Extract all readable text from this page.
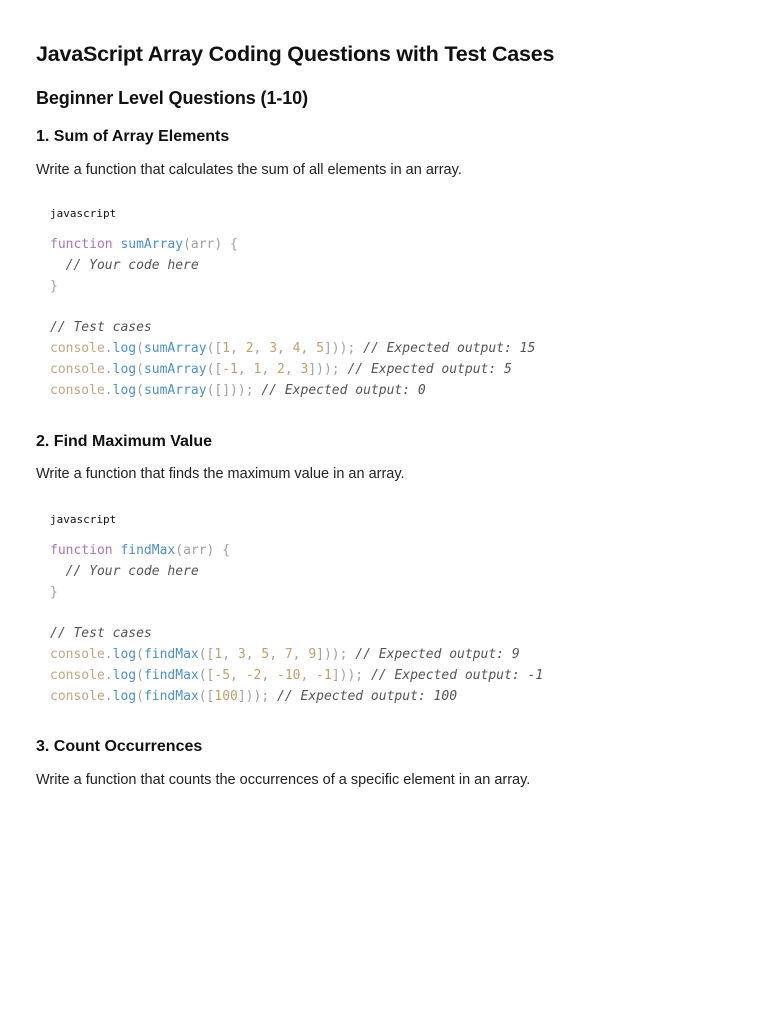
JavaScript Array Coding Questions with Test Cases
Beginner Level Questions (1-10)
1. Sum of Array Elements

Write a function that calculates the sum of all elements in an array.

javascript
function sumArray(arr) {
// Your code here
}
// Test cases
console.log(sumArray([1, 2, 3, 4, 5])); // Expected output: 15
console.log(sumArray([-1, 1, 2, 3])); // Expected output: 5
console.log(sumArray([])); // Expected output: 0
2. Find Maximum Value

Write a function that finds the maximum value in an array.

javascript
function findMax(arr) {
// Your code here
}
// Test cases
console.log(findMax([1, 3, 5, 7, 9])); // Expected output: 9
console.log(findMax([-5, -2, -10, -1])); // Expected output: -1
console.log(findMax([100])); // Expected output: 100
3. Count Occurrences

Write a function that counts the occurrences of a specific element in an array.
